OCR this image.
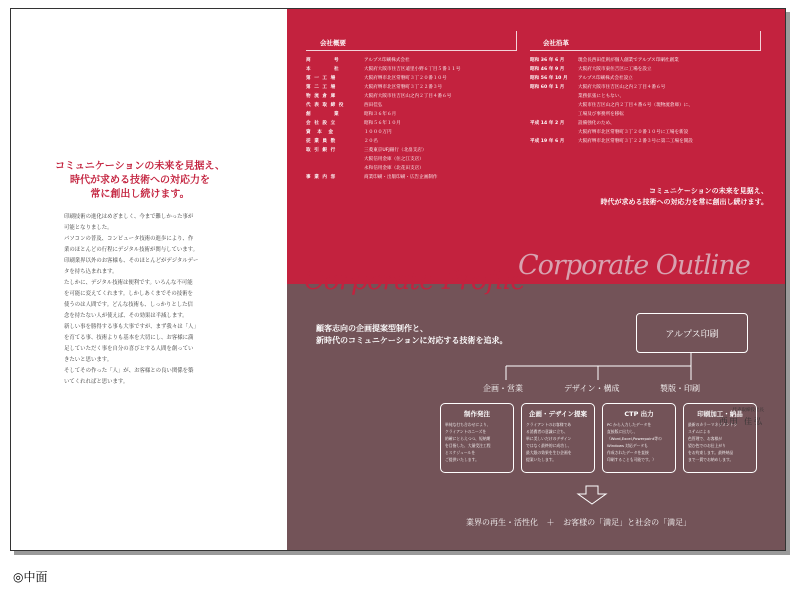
コミュニケーションの未来を見据え、
時代が求める技術への対応力を
常に創出し続けます。
印刷技術の進化はめざましく、今まで難しかった事が
可能となりました。
パソコンの普及、コンピュータ技術の進歩により、作
業のほとんどの行程にデジタル技術が関与しています。
印刷業界以外のお客様も、そのほとんどがデジタルデー
タを持ち込まれます。
たしかに、デジタル技術は便利です。いろんな不可能
を可能に変えてくれます。しかしあくまでその技術を
使うのは人間です。どんな技術も、しっかりとした信
念を持たない人が使えば、その効果は半減します。
新しい事を勝得する事も大事ですが、まず我々は「人」
を育てる事、技術よりも基本を大切にし、お客様に満
足していただく事を自分の喜びとする人間を創ってい
きたいと思います。
そしてその作った「人」が、お客様との良い関係を築
いてくれればと思います。
代表取締役社長
西田 佳弘
会社概要
商　　　　号	アルプス印刷株式会社
本　　　　社	大阪府大阪市住吉区遠里小野６丁目５番１１号
第 一 工 場	大阪府堺市北区常磐町３丁２０番１０号
第 二 工 場	大阪府堺市北区常磐町３丁２２番３号
物 流 倉 庫	大阪府大阪市住吉区山之内２丁目４番６号
代 表 取 締 役	西田佳弘
創　　　　業	昭和３６年６月
会 社 設 立	昭和５６年１０月
資　本　金	１０００万円
従 業 員 数	２０名
取 引 銀 行	三菱東京UFJ銀行（北畠支店）
大阪信用金庫（住之江支店）
永和信用金庫（北花田支店）
事 業 内 容	商業印刷・出版印刷・広告企画制作
会社沿革
昭和 36 年 6 月	現会長西田佳則が個人創業でアルプス印刷社創業
昭和 46 年 9 月	大阪府大阪市東住吉区に工場を設立
昭和 56 年 10 月	アルプス印刷株式会社設立
昭和 60 年 1 月	大阪府大阪市住吉区山之内２丁目４番６号
業務拡張にともない、
大阪市住吉区山之内２丁目４番６号（現物流倉庫）に、
工場及び事務所を移転
平成 14 年 2 月	設備強化のため、
大阪府堺市北区常磐町３丁２０番１０号に工場を新設
平成 19 年 6 月	大阪府堺市北区常磐町３丁２２番３号に第二工場を開設
コミュニケーションの未来を見据え、
時代が求める技術への対応力を常に創出し続けます。
Corporate Outline
Corporate Profile
顧客志向の企画提案型制作と、
新時代のコミュニケーションに対応する技術を追求。
アルプス印刷
企画・営業	デザイン・構成	製版・印刷
制作発注
単純な打ち合わせにより、
クライアントのニーズを
的確にとらえつつ、短納期
を目指した、大量受注工程
とスケジュールを
ご提供いたします。
企画・デザイン提案
クライアントのお客様であ
る消費者の意識に立ち、
単に美しいだけのデザイン
ではなく最終的に成功し、
最大限の効果を生む企画を
提案いたします。
CTP 出力
PC から入力したデータを
直接版に出力し、
（Word,Excel,Powerpoint等の
Windows 対応データも
作成されたデータを直接
印刷することも可能です。）
印刷加工・納品
最新のカラーマネジメントシ
ステムによる
色管理で、お客様が
望む色でのお仕上がり
をお約束します。最終納品
まで一貫でお納めします。
業界の再生・活性化 ＋ お客様の「満足」と社会の「満足」
◎中面
